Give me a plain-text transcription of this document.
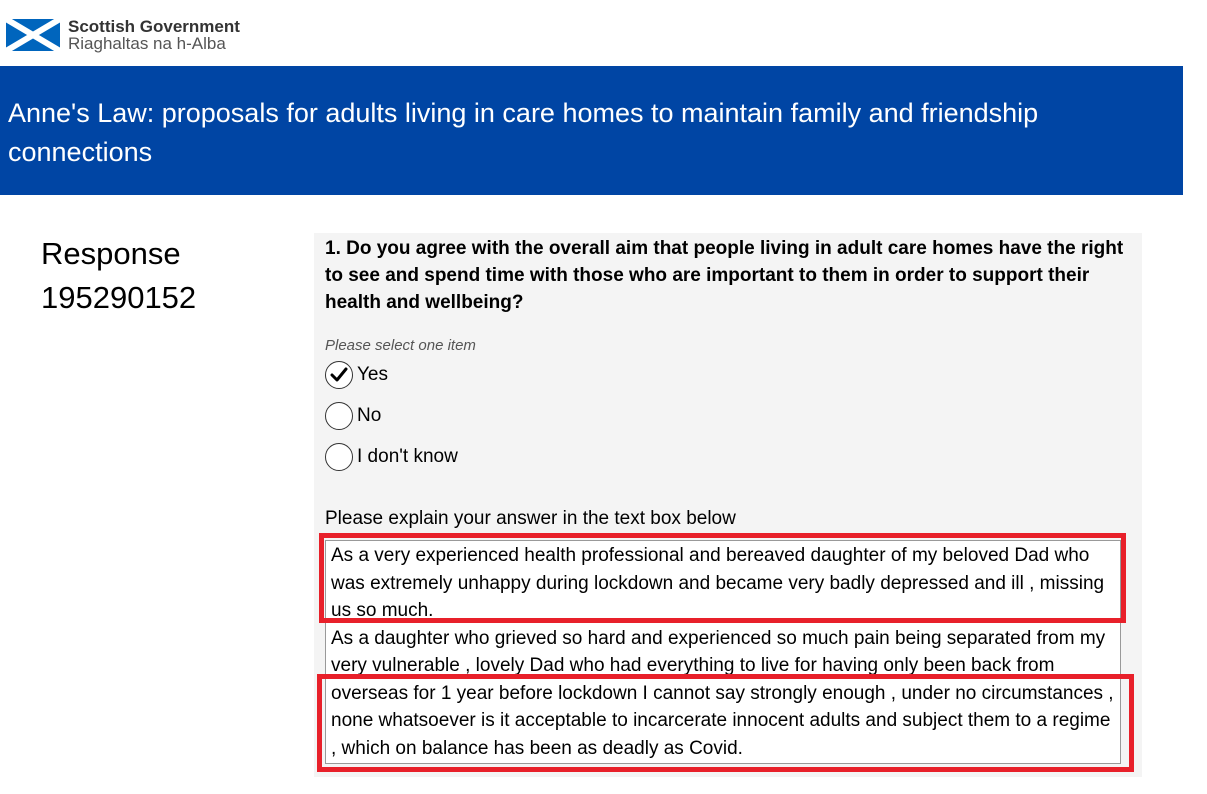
Scottish Government
Riaghaltas na h-Alba
Anne's Law: proposals for adults living in care homes to maintain family and friendship connections
Response
195290152
1. Do you agree with the overall aim that people living in adult care homes have the right to see and spend time with those who are important to them in order to support their health and wellbeing?
Please select one item
Yes
No
I don't know
Please explain your answer in the text box below

As a very experienced health professional and bereaved daughter of my beloved Dad who was extremely unhappy during lockdown and became very badly depressed and ill , missing us so much.

As a daughter who grieved so hard and experienced so much pain being separated from my very vulnerable , lovely Dad who had everything to live for having only been back from overseas for 1 year before lockdown I cannot say strongly enough , under no circumstances , none whatsoever is it acceptable to incarcerate innocent adults and subject them to a regime , which on balance has been as deadly as Covid.
